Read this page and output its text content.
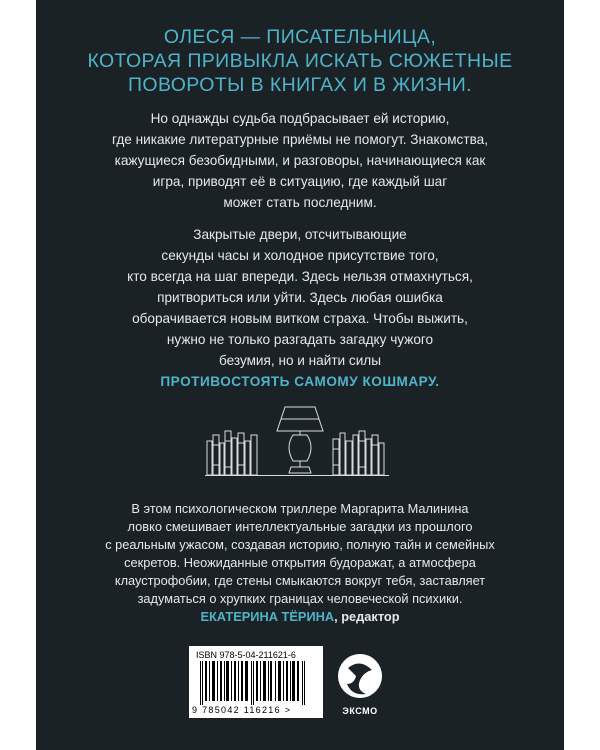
ОЛЕСЯ — ПИСАТЕЛЬНИЦА,
КОТОРАЯ ПРИВЫКЛА ИСКАТЬ СЮЖЕТНЫЕ
ПОВОРОТЫ В КНИГАХ И В ЖИЗНИ.
Но однажды судьба подбрасывает ей историю,
где никакие литературные приёмы не помогут. Знакомства,
кажущиеся безобидными, и разговоры, начинающиеся как
игра, приводят её в ситуацию, где каждый шаг
может стать последним.
Закрытые двери, отсчитывающие
секунды часы и холодное присутствие того,
кто всегда на шаг впереди. Здесь нельзя отмахнуться,
притвориться или уйти. Здесь любая ошибка
оборачивается новым витком страха. Чтобы выжить,
нужно не только разгадать загадку чужого
безумия, но и найти силы
ПРОТИВОСТОЯТЬ САМОМУ КОШМАРУ.
В этом психологическом триллере Маргарита Малинина
ловко смешивает интеллектуальные загадки из прошлого
с реальным ужасом, создавая историю, полную тайн и семейных
секретов. Неожиданные открытия будоражат, а атмосфера
клаустрофобии, где стены смыкаются вокруг тебя, заставляет
задуматься о хрупких границах человеческой психики.
ЕКАТЕРИНА ТЁРИНА, редактор
ISBN 978-5-04-211621-6
9 785042 116216 >	ЭКСМО
